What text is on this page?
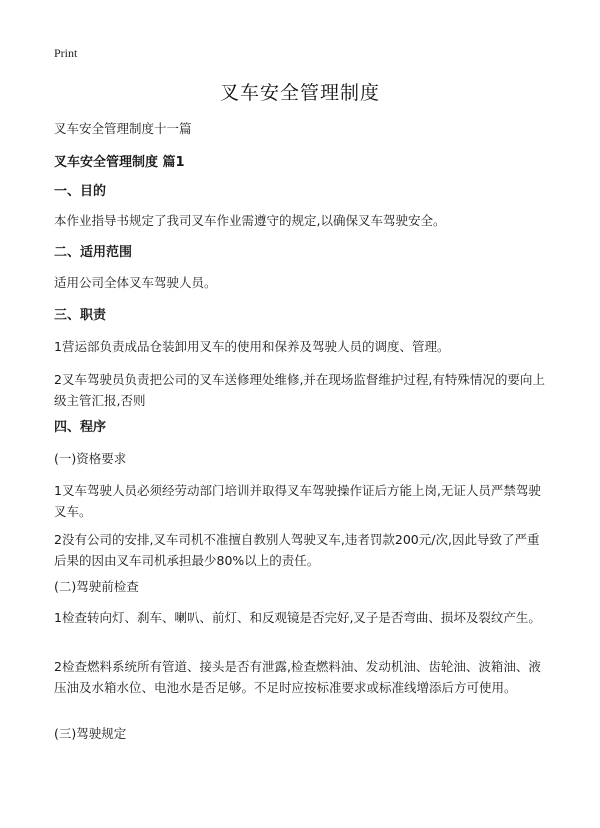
Print
叉车安全管理制度
叉车安全管理制度十一篇
叉车安全管理制度 篇1
一、目的
本作业指导书规定了我司叉车作业需遵守的规定,以确保叉车驾驶安全。
二、适用范围
适用公司全体叉车驾驶人员。
三、职责
1营运部负责成品仓装卸用叉车的使用和保养及驾驶人员的调度、管理。
2叉车驾驶员负责把公司的叉车送修理处维修,并在现场监督维护过程,有特殊情况的要向上级主管汇报,否则
四、程序
(一)资格要求
1叉车驾驶人员必须经劳动部门培训并取得叉车驾驶操作证后方能上岗,无证人员严禁驾驶叉车。
2没有公司的安排,叉车司机不准擅自教别人驾驶叉车,违者罚款200元/次,因此导致了严重后果的因由叉车司机承担最少80%以上的责任。
(二)驾驶前检查
1检查转向灯、刹车、喇叭、前灯、和反观镜是否完好,叉子是否弯曲、损坏及裂纹产生。
2检查燃料系统所有管道、接头是否有泄露,检查燃料油、发动机油、齿轮油、波箱油、液压油及水箱水位、电池水是否足够。不足时应按标准要求或标准线增添后方可使用。
(三)驾驶规定
